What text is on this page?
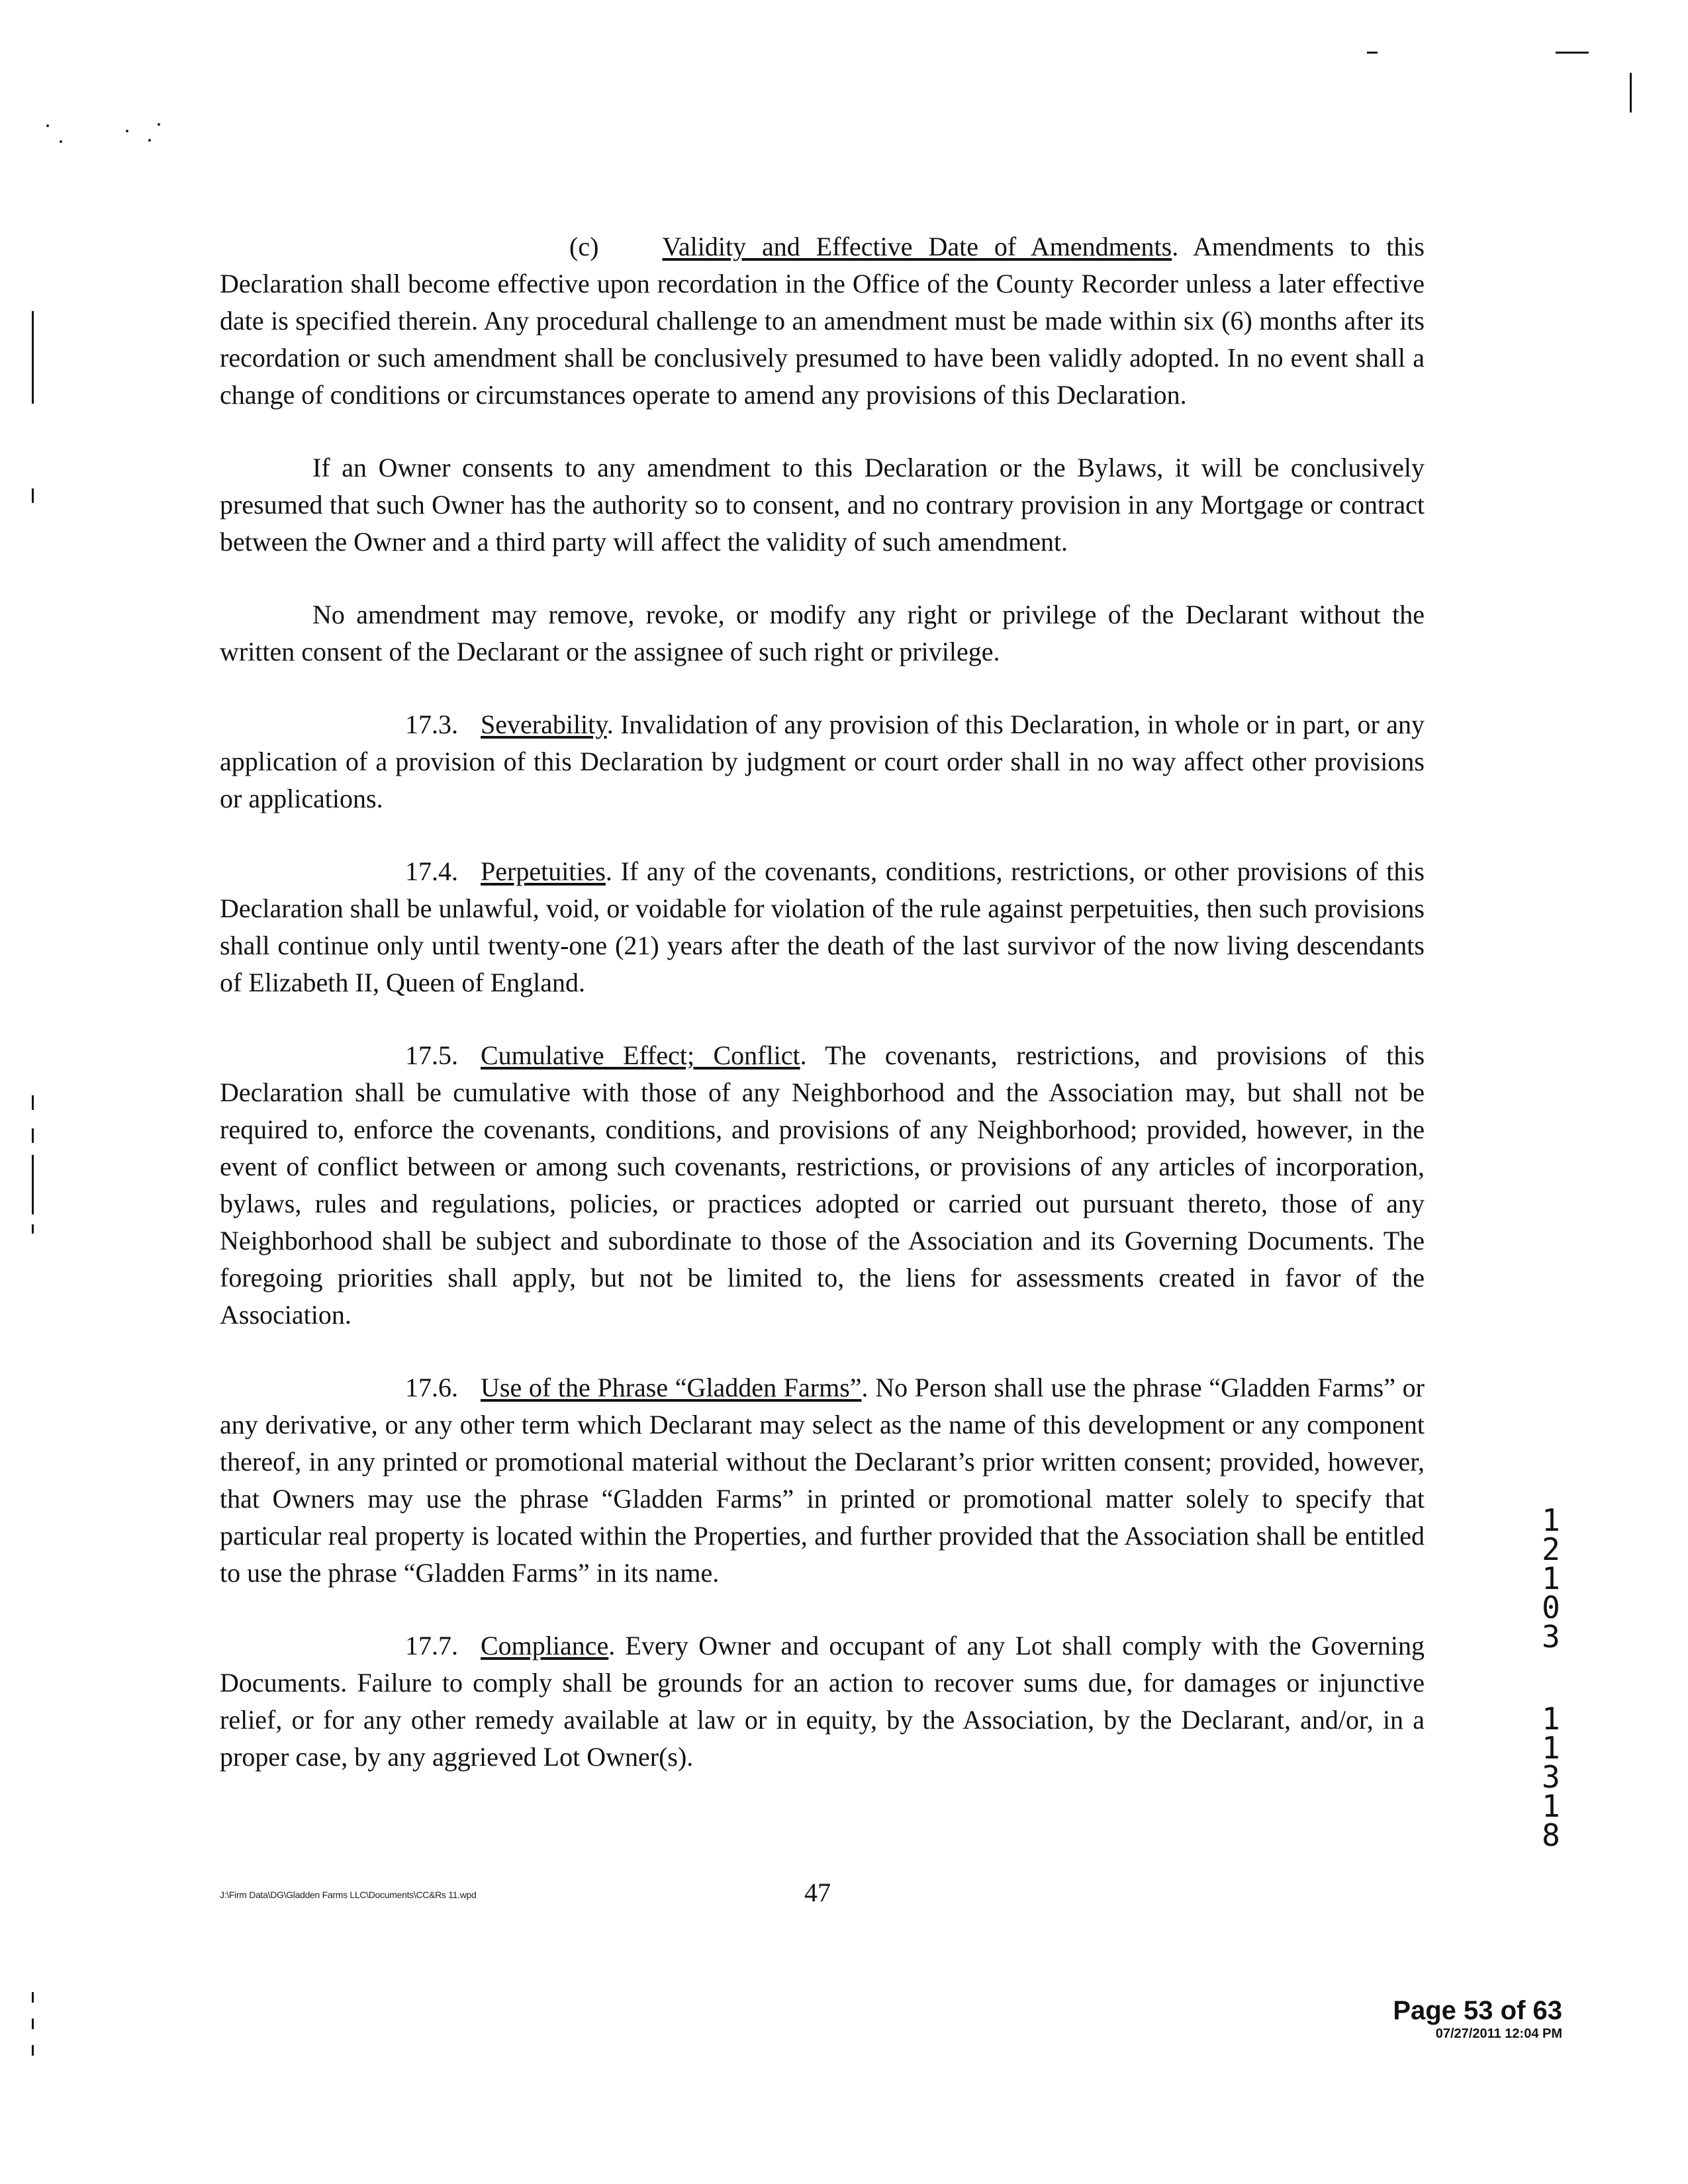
(c) Validity and Effective Date of Amendments. Amendments to this Declaration shall become effective upon recordation in the Office of the County Recorder unless a later effective date is specified therein. Any procedural challenge to an amendment must be made within six (6) months after its recordation or such amendment shall be conclusively presumed to have been validly adopted. In no event shall a change of conditions or circumstances operate to amend any provisions of this Declaration.

If an Owner consents to any amendment to this Declaration or the Bylaws, it will be conclusively presumed that such Owner has the authority so to consent, and no contrary provision in any Mortgage or contract between the Owner and a third party will affect the validity of such amendment.

No amendment may remove, revoke, or modify any right or privilege of the Declarant without the written consent of the Declarant or the assignee of such right or privilege.

17.3. Severability. Invalidation of any provision of this Declaration, in whole or in part, or any application of a provision of this Declaration by judgment or court order shall in no way affect other provisions or applications.

17.4. Perpetuities. If any of the covenants, conditions, restrictions, or other provisions of this Declaration shall be unlawful, void, or voidable for violation of the rule against perpetuities, then such provisions shall continue only until twenty-one (21) years after the death of the last survivor of the now living descendants of Elizabeth II, Queen of England.

17.5. Cumulative Effect; Conflict. The covenants, restrictions, and provisions of this Declaration shall be cumulative with those of any Neighborhood and the Association may, but shall not be required to, enforce the covenants, conditions, and provisions of any Neighborhood; provided, however, in the event of conflict between or among such covenants, restrictions, or provisions of any articles of incorporation, bylaws, rules and regulations, policies, or practices adopted or carried out pursuant thereto, those of any Neighborhood shall be subject and subordinate to those of the Association and its Governing Documents. The foregoing priorities shall apply, but not be limited to, the liens for assessments created in favor of the Association.

17.6. Use of the Phrase “Gladden Farms”. No Person shall use the phrase “Gladden Farms” or any derivative, or any other term which Declarant may select as the name of this development or any component thereof, in any printed or promotional material without the Declarant’s prior written consent; provided, however, that Owners may use the phrase “Gladden Farms” in printed or promotional matter solely to specify that particular real property is located within the Properties, and further provided that the Association shall be entitled to use the phrase “Gladden Farms” in its name.

17.7. Compliance. Every Owner and occupant of any Lot shall comply with the Governing Documents. Failure to comply shall be grounds for an action to recover sums due, for damages or injunctive relief, or for any other remedy available at law or in equity, by the Association, by the Declarant, and/or, in a proper case, by any aggrieved Lot Owner(s).

J:\Firm Data\DG\Gladden Farms LLC\Documents\CC&Rs 11.wpd	47
1
2
1
0
3
1
1
3
1
8
Page 53 of 63
07/27/2011 12:04 PM
